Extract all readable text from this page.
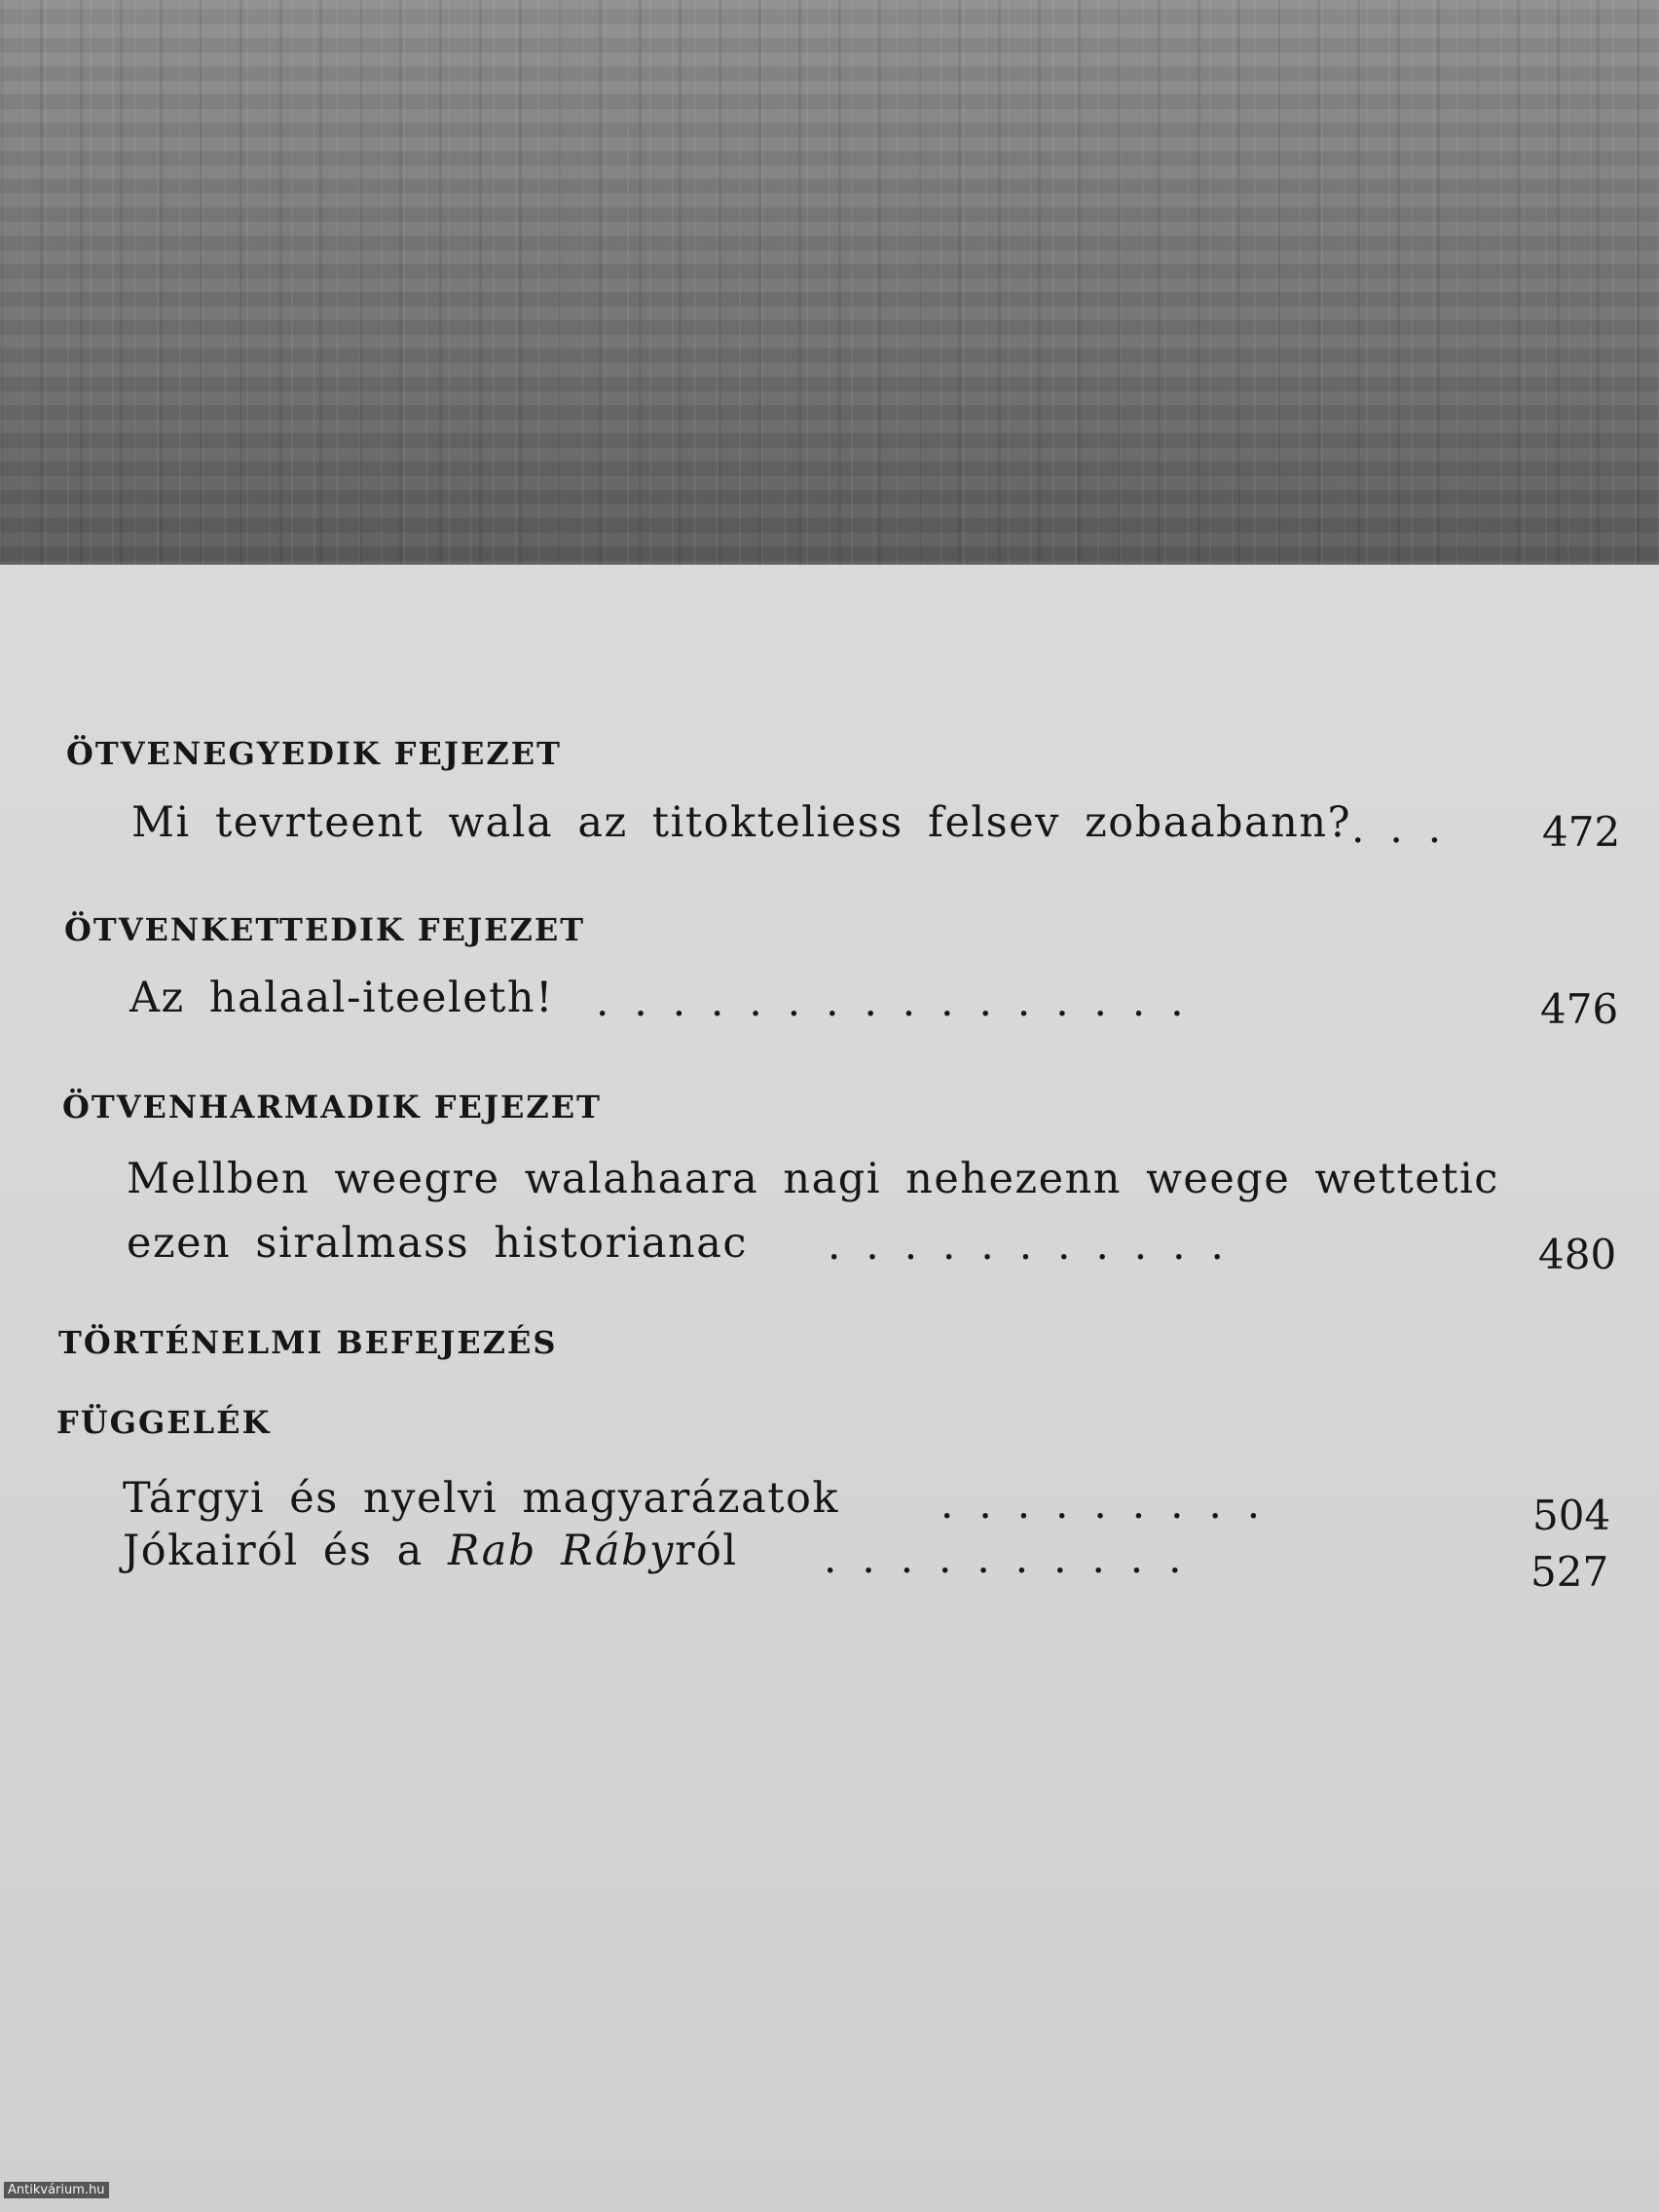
ÖTVENEGYEDIK FEJEZET
Mi tevrteent wala az titokteliess felsev zobaabann? ... 472
ÖTVENKETTEDIK FEJEZET
Az halaal-iteeleth! ................	476
ÖTVENHARMADIK FEJEZET
Mellben weegre walahaara nagi nehezenn weege wettetic
ezen siralmass historianac ...........	480
TÖRTÉNELMI BEFEJEZÉS
FÜGGELÉK
Tárgyi és nyelvi magyarázatok .........	504
Jókairól és a Rab Rábyról ..........	527
Antikvárium.hu
